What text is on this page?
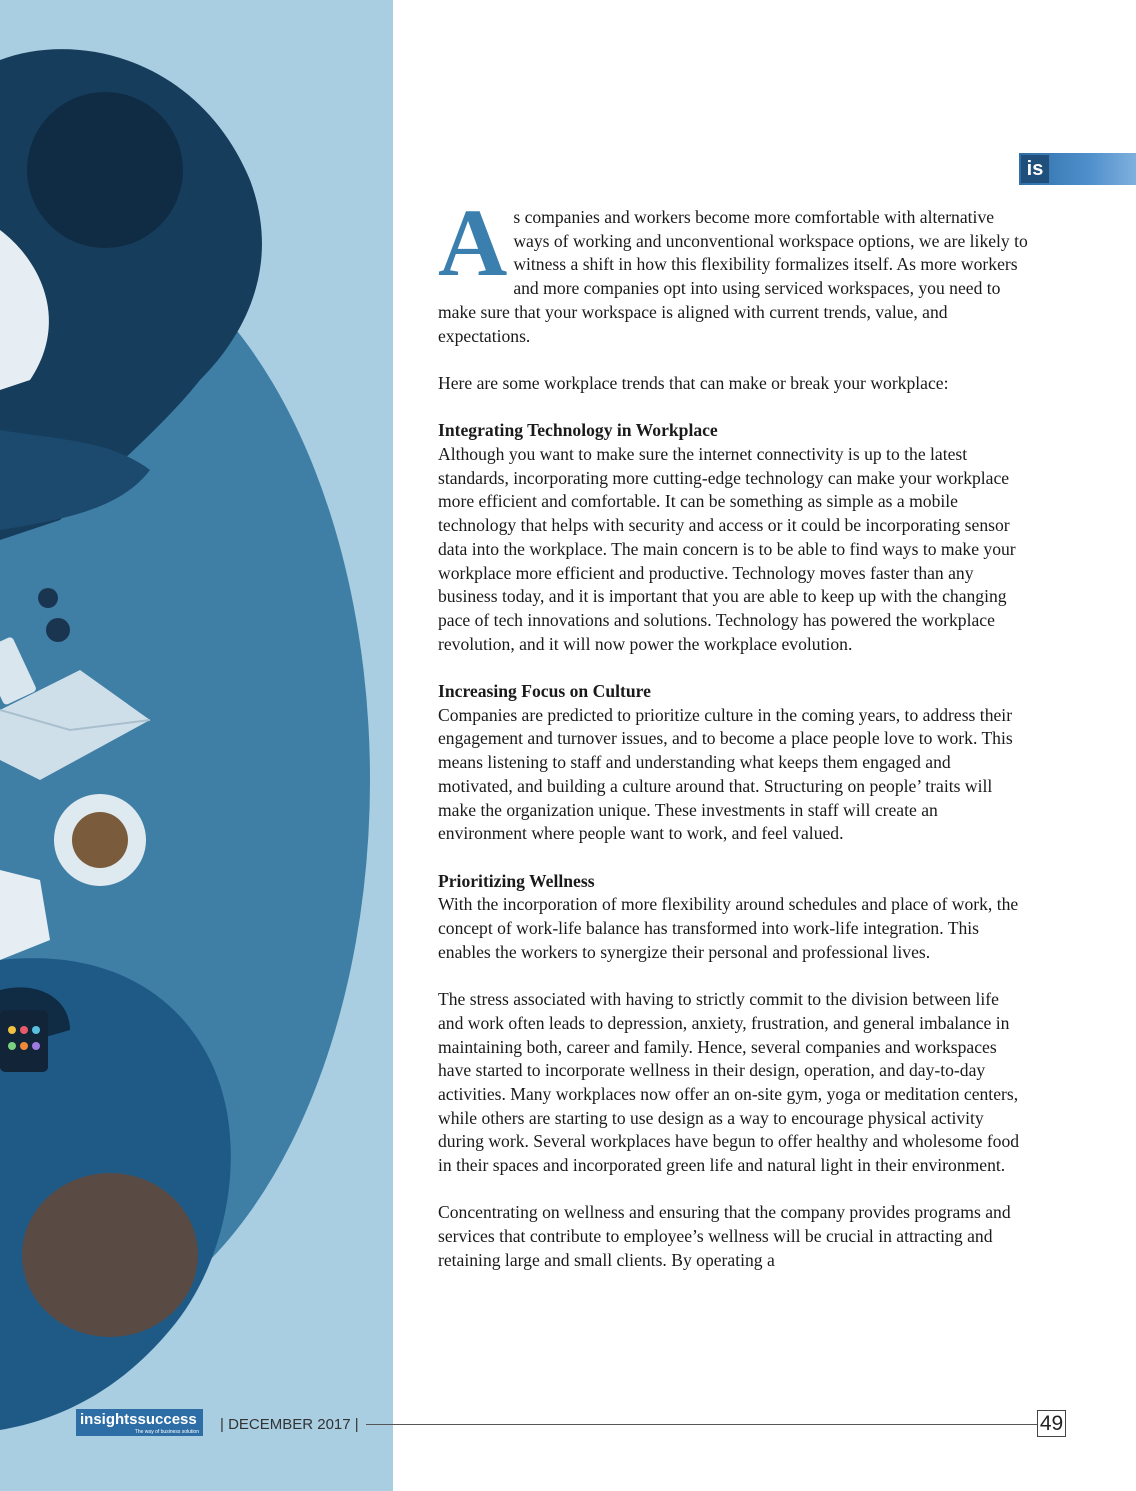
is

As companies and workers become more comfortable with alternative ways of working and unconventional workspace options, we are likely to witness a shift in how this flexibility formalizes itself. As more workers and more companies opt into using serviced workspaces, you need to make sure that your workspace is aligned with current trends, value, and expectations.

Here are some workplace trends that can make or break your workplace:

Integrating Technology in Workplace

Although you want to make sure the internet connectivity is up to the latest standards, incorporating more cutting-edge technology can make your workplace more efficient and comfortable. It can be something as simple as a mobile technology that helps with security and access or it could be incorporating sensor data into the workplace. The main concern is to be able to find ways to make your workplace more efficient and productive. Technology moves faster than any business today, and it is important that you are able to keep up with the changing pace of tech innovations and solutions. Technology has powered the workplace revolution, and it will now power the workplace evolution.

Increasing Focus on Culture

Companies are predicted to prioritize culture in the coming years, to address their engagement and turnover issues, and to become a place people love to work. This means listening to staff and understanding what keeps them engaged and motivated, and building a culture around that. Structuring on people’ traits will make the organization unique. These investments in staff will create an environment where people want to work, and feel valued.

Prioritizing Wellness

With the incorporation of more flexibility around schedules and place of work, the concept of work-life balance has transformed into work-life integration. This enables the workers to synergize their personal and professional lives.

The stress associated with having to strictly commit to the division between life and work often leads to depression, anxiety, frustration, and general imbalance in maintaining both, career and family. Hence, several companies and workspaces have started to incorporate wellness in their design, operation, and day-to-day activities. Many workplaces now offer an on-site gym, yoga or meditation centers, while others are starting to use design as a way to encourage physical activity during work. Several workplaces have begun to offer healthy and wholesome food in their spaces and incorporated green life and natural light in their environment.

Concentrating on wellness and ensuring that the company provides programs and services that contribute to employee’s wellness will be crucial in attracting and retaining large and small clients. By operating a

insightssuccess
The way of business solution | DECEMBER 2017 |	49
